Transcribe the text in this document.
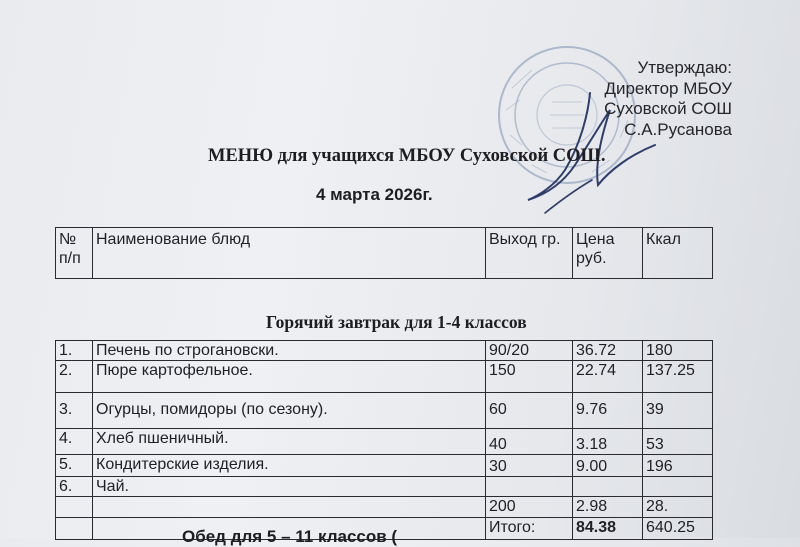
Утверждаю:
Директор МБОУ
Суховской СОШ
С.А.Русанова
МЕНЮ для учащихся МБОУ Суховской СОШ.
4 марта 2026г.
№ п/п	Наименование блюд	Выход гр.	Цена руб.	Ккал
Горячий завтрак для 1-4 классов
1.	Печень по строгановски.	90/20	36.72	180
2.	Пюре картофельное.	150	22.74	137.25
3.	Огурцы, помидоры (по сезону).	60	9.76	39
4.	Хлеб пшеничный.	40	3.18	53
5.	Кондитерские изделия.	30	9.00	196
6.	Чай.			
		200	2.98	28.
		Итого:	84.38	640.25
Обед для 5 – 11 классов (
